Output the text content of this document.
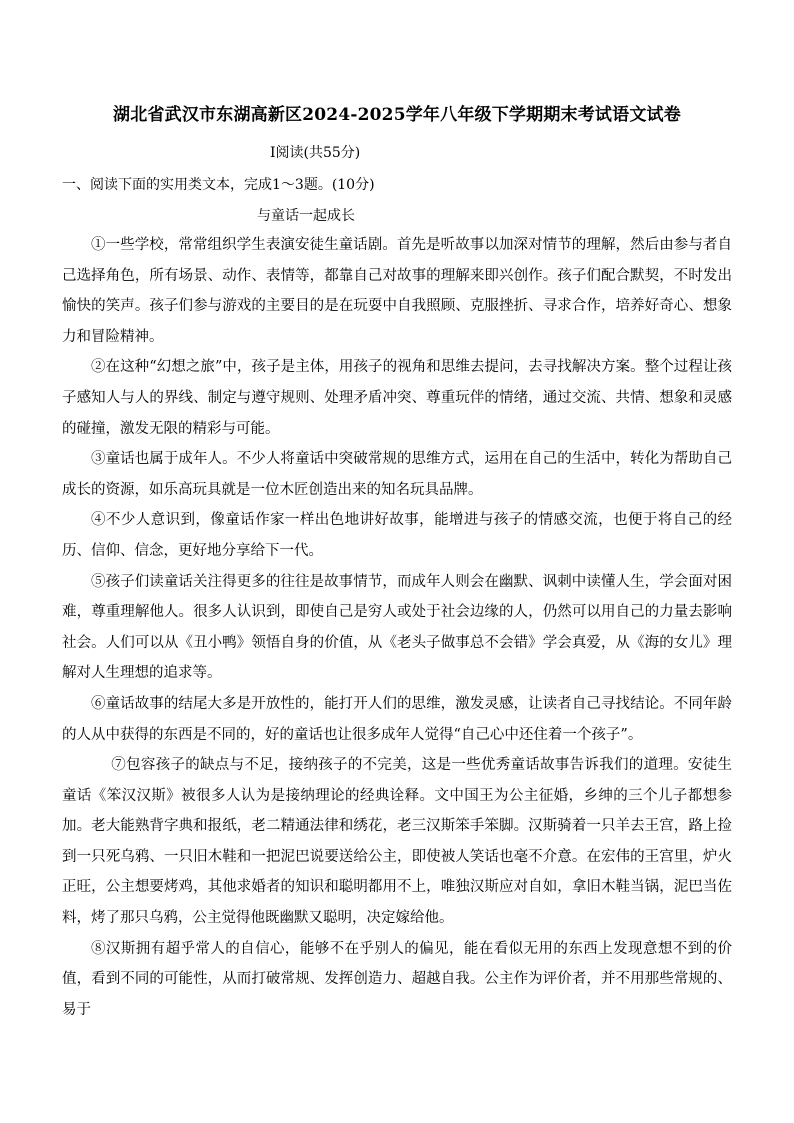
湖北省武汉市东湖高新区2024-2025学年八年级下学期期末考试语文试卷
Ⅰ阅读(共55分)
一、阅读下面的实用类文本，完成1～3题。(10分)
与童话一起成长

①一些学校，常常组织学生表演安徒生童话剧。首先是听故事以加深对情节的理解，然后由参与者自己选择角色，所有场景、动作、表情等，都靠自己对故事的理解来即兴创作。孩子们配合默契，不时发出愉快的笑声。孩子们参与游戏的主要目的是在玩耍中自我照顾、克服挫折、寻求合作，培养好奇心、想象力和冒险精神。

②在这种“幻想之旅”中，孩子是主体，用孩子的视角和思维去提问，去寻找解决方案。整个过程让孩子感知人与人的界线、制定与遵守规则、处理矛盾冲突、尊重玩伴的情绪，通过交流、共情、想象和灵感的碰撞，激发无限的精彩与可能。

③童话也属于成年人。不少人将童话中突破常规的思维方式，运用在自己的生活中，转化为帮助自己成长的资源，如乐高玩具就是一位木匠创造出来的知名玩具品牌。

④不少人意识到，像童话作家一样出色地讲好故事，能增进与孩子的情感交流，也便于将自己的经历、信仰、信念，更好地分享给下一代。

⑤孩子们读童话关注得更多的往往是故事情节，而成年人则会在幽默、讽刺中读懂人生，学会面对困难，尊重理解他人。很多人认识到，即使自己是穷人或处于社会边缘的人，仍然可以用自己的力量去影响社会。人们可以从《丑小鸭》领悟自身的价值，从《老头子做事总不会错》学会真爱，从《海的女儿》理解对人生理想的追求等。

⑥童话故事的结尾大多是开放性的，能打开人们的思维，激发灵感，让读者自己寻找结论。不同年龄的人从中获得的东西是不同的，好的童话也让很多成年人觉得“自己心中还住着一个孩子”。

⑦包容孩子的缺点与不足，接纳孩子的不完美，这是一些优秀童话故事告诉我们的道理。安徒生童话《笨汉汉斯》被很多人认为是接纳理论的经典诠释。文中国王为公主征婚，乡绅的三个儿子都想参加。老大能熟背字典和报纸，老二精通法律和绣花，老三汉斯笨手笨脚。汉斯骑着一只羊去王宫，路上捡到一只死乌鸦、一只旧木鞋和一把泥巴说要送给公主，即使被人笑话也毫不介意。在宏伟的王宫里，炉火正旺，公主想要烤鸡，其他求婚者的知识和聪明都用不上，唯独汉斯应对自如，拿旧木鞋当锅，泥巴当佐料，烤了那只乌鸦，公主觉得他既幽默又聪明，决定嫁给他。

⑧汉斯拥有超乎常人的自信心，能够不在乎别人的偏见，能在看似无用的东西上发现意想不到的价值，看到不同的可能性，从而打破常规、发挥创造力、超越自我。公主作为评价者，并不用那些常规的、易于
